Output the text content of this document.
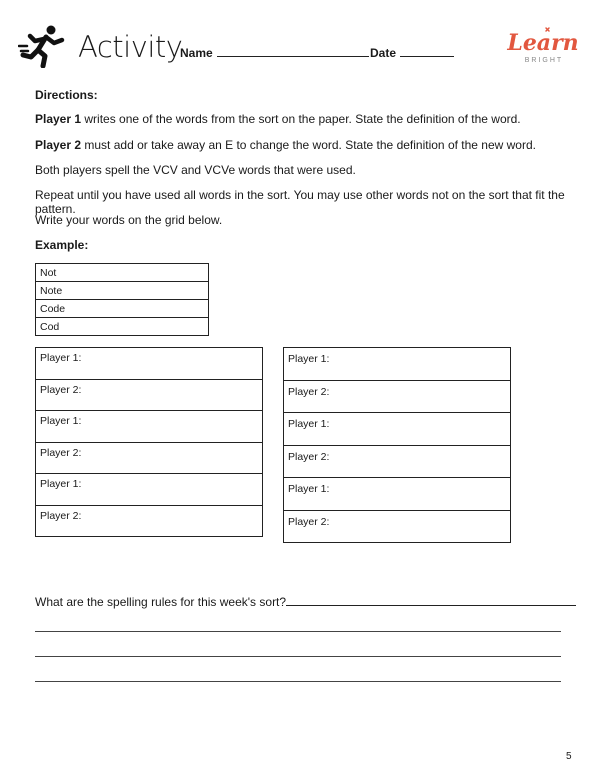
Activity
Name	Date	Learn
BRIGHT
Directions:
Player 1 writes one of the words from the sort on the paper. State the definition of the word.
Player 2 must add or take away an E to change the word. State the definition of the new word.
Both players spell the VCV and VCVe words that were used.
Repeat until you have used all words in the sort. You may use other words not on the sort that fit the pattern.
Write your words on the grid below.
Example:
Not
Note
Code
Cod
Player 1:
Player 2:
Player 1:
Player 2:
Player 1:
Player 2:
Player 1:
Player 2:
Player 1:
Player 2:
Player 1:
Player 2:
What are the spelling rules for this week's sort?
5
